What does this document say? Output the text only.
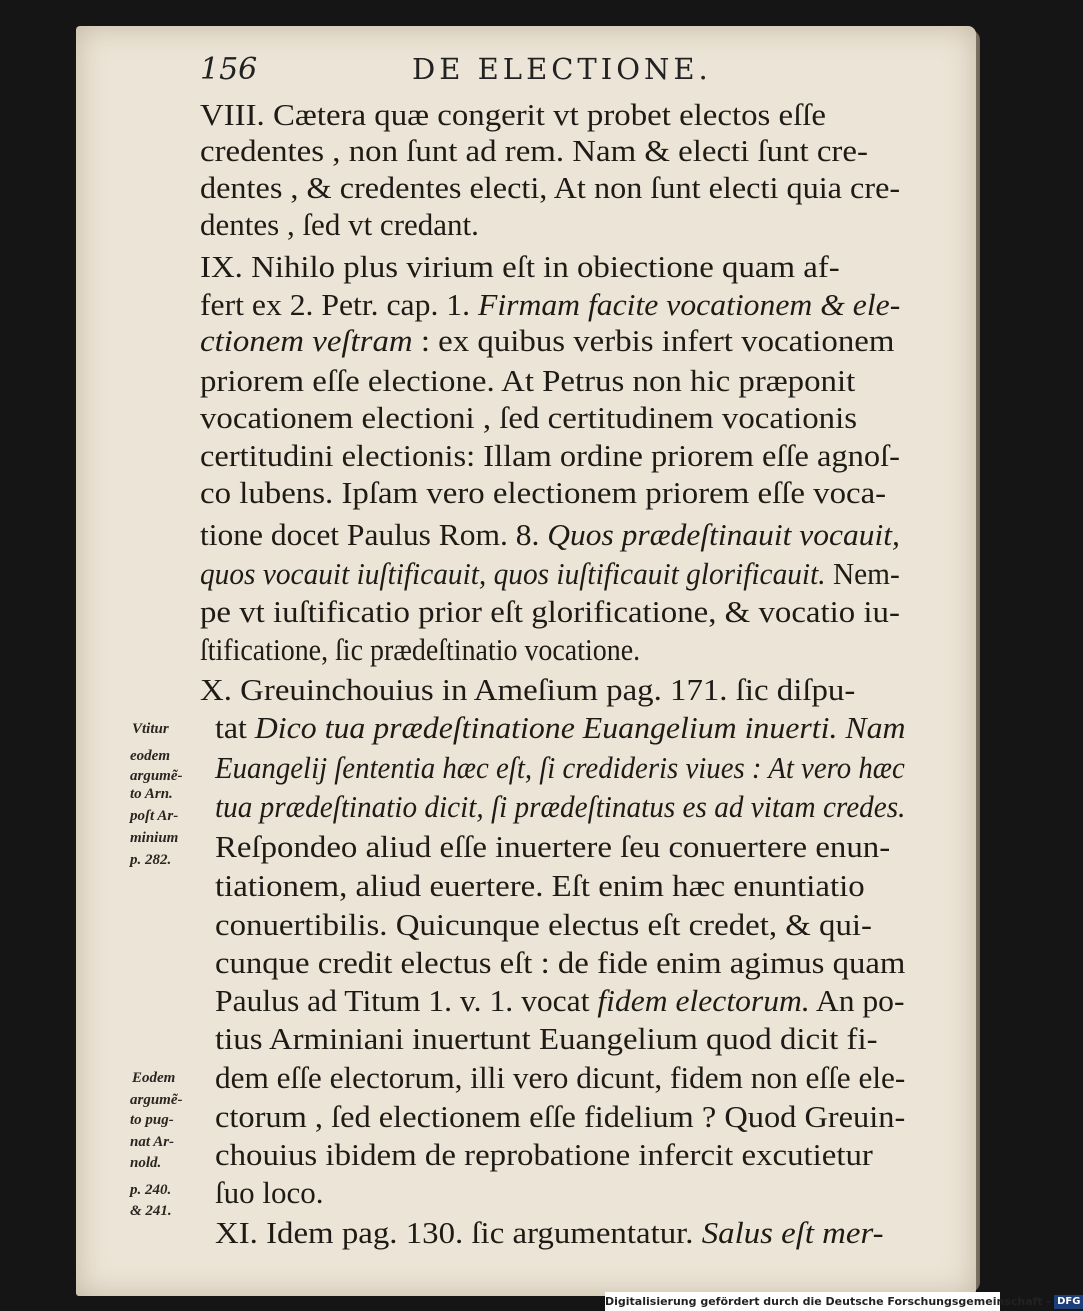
156	DE ELECTIONE.
VIII. Cætera quæ congerit vt probet electos eſſe
credentes , non ſunt ad rem. Nam & electi ſunt cre-
dentes , & credentes electi, At non ſunt electi quia cre-
dentes , ſed vt credant.
IX. Nihilo plus virium eſt in obiectione quam af-
fert ex 2. Petr. cap. 1. Firmam facite vocationem & ele-
ctionem veſtram : ex quibus verbis infert vocationem
priorem eſſe electione. At Petrus non hic præponit
vocationem electioni , ſed certitudinem vocationis
certitudini electionis: Illam ordine priorem eſſe agnoſ-
co lubens. Ipſam vero electionem priorem eſſe voca-
tione docet Paulus Rom. 8. Quos prædeſtinauit vocauit,
quos vocauit iuſtificauit, quos iuſtificauit glorificauit. Nem-
pe vt iuſtificatio prior eſt glorificatione, & vocatio iu-
ſtificatione, ſic prædeſtinatio vocatione.
X. Greuinchouius in Ameſium pag. 171. ſic diſpu-
tat Dico tua prædeſtinatione Euangelium inuerti. Nam
Euangelij ſententia hæc eſt, ſi credideris viues : At vero hæc
tua prædeſtinatio dicit, ſi prædeſtinatus es ad vitam credes.
Reſpondeo aliud eſſe inuertere ſeu conuertere enun-
tiationem, aliud euertere. Eſt enim hæc enuntiatio
conuertibilis. Quicunque electus eſt credet, & qui-
cunque credit electus eſt : de fide enim agimus quam
Paulus ad Titum 1. v. 1. vocat fidem electorum. An po-
tius Arminiani inuertunt Euangelium quod dicit fi-
dem eſſe electorum, illi vero dicunt, fidem non eſſe ele-
ctorum , ſed electionem eſſe fidelium ? Quod Greuin-
chouius ibidem de reprobatione infercit excutietur
ſuo loco.
XI. Idem pag. 130. ſic argumentatur. Salus eſt mer-
Vtitur
eodem
argumẽ-
to Arn.
poſt Ar-
minium
p. 282.
Eodem
argumẽ-
to pug-
nat Ar-
nold.
p. 240.
& 241.
Digitalisierung gefördert durch die Deutsche Forschungsgemeinschaft - DFG
